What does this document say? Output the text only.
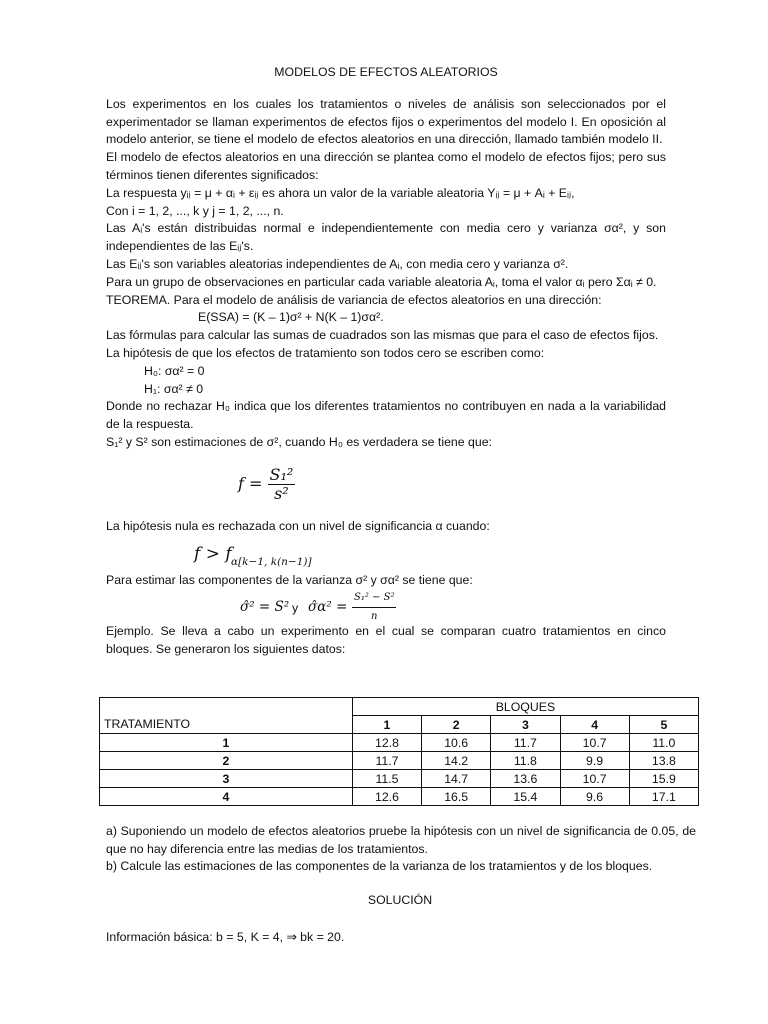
MODELOS DE EFECTOS ALEATORIOS

Los experimentos en los cuales los tratamientos o niveles de análisis son seleccionados por el experimentador se llaman experimentos de efectos fijos o experimentos del modelo I. En oposición al modelo anterior, se tiene el modelo de efectos aleatorios en una dirección, llamado también modelo II.

El modelo de efectos aleatorios en una dirección se plantea como el modelo de efectos fijos; pero sus términos tienen diferentes significados:

La respuesta yᵢⱼ = μ + αᵢ + εᵢⱼ es ahora un valor de la variable aleatoria Yᵢⱼ = μ + Aᵢ + Eᵢⱼ,

Con i = 1, 2, ..., k y j = 1, 2, ..., n.

Las Aᵢ's están distribuidas normal e independientemente con media cero y varianza σα², y son independientes de las Eᵢⱼ's.

Las Eᵢⱼ's son variables aleatorias independientes de Aᵢ, con media cero y varianza σ².

Para un grupo de observaciones en particular cada variable aleatoria Aᵢ, toma el valor αᵢ pero Σαᵢ ≠ 0.

TEOREMA. Para el modelo de análisis de variancia de efectos aleatorios en una dirección:

E(SSA) = (K – 1)σ² + N(K – 1)σα².

Las fórmulas para calcular las sumas de cuadrados son las mismas que para el caso de efectos fijos.

La hipótesis de que los efectos de tratamiento son todos cero se escriben como:

H₀: σα² = 0

H₁: σα² ≠ 0

Donde no rechazar H₀ indica que los diferentes tratamientos no contribuyen en nada a la variabilidad de la respuesta.

S₁² y S² son estimaciones de σ², cuando H₀ es verdadera se tiene que:

$f = \frac{\text{S₁²}}{\text{s²}}$

La hipótesis nula es rechazada con un nivel de significancia α cuando:

f > f α[k−1, k(n−1)]

Para estimar las componentes de la varianza σ² y σα² se tiene que:

σ̂² = S² y σ̂α² = $\frac{\text{S₁² − S²}}{n}$

Ejemplo. Se lleva a cabo un experimento en el cual se comparan cuatro tratamientos en cinco bloques. Se generaron los siguientes datos:

	BLOQUES				
TRATAMIENTO	1	2	3	4	5
1	12.8	10.6	11.7	10.7	11.0
2	11.7	14.2	11.8	9.9	13.8
3	11.5	14.7	13.6	10.7	15.9
4	12.6	16.5	15.4	9.6	17.1
a) Suponiendo un modelo de efectos aleatorios pruebe la hipótesis con un nivel de significancia de 0.05, de que no hay diferencia entre las medias de los tratamientos.
b) Calcule las estimaciones de las componentes de la varianza de los tratamientos y de los bloques.
SOLUCIÓN
Información básica: b = 5, K = 4, ⇒ bk = 20.
